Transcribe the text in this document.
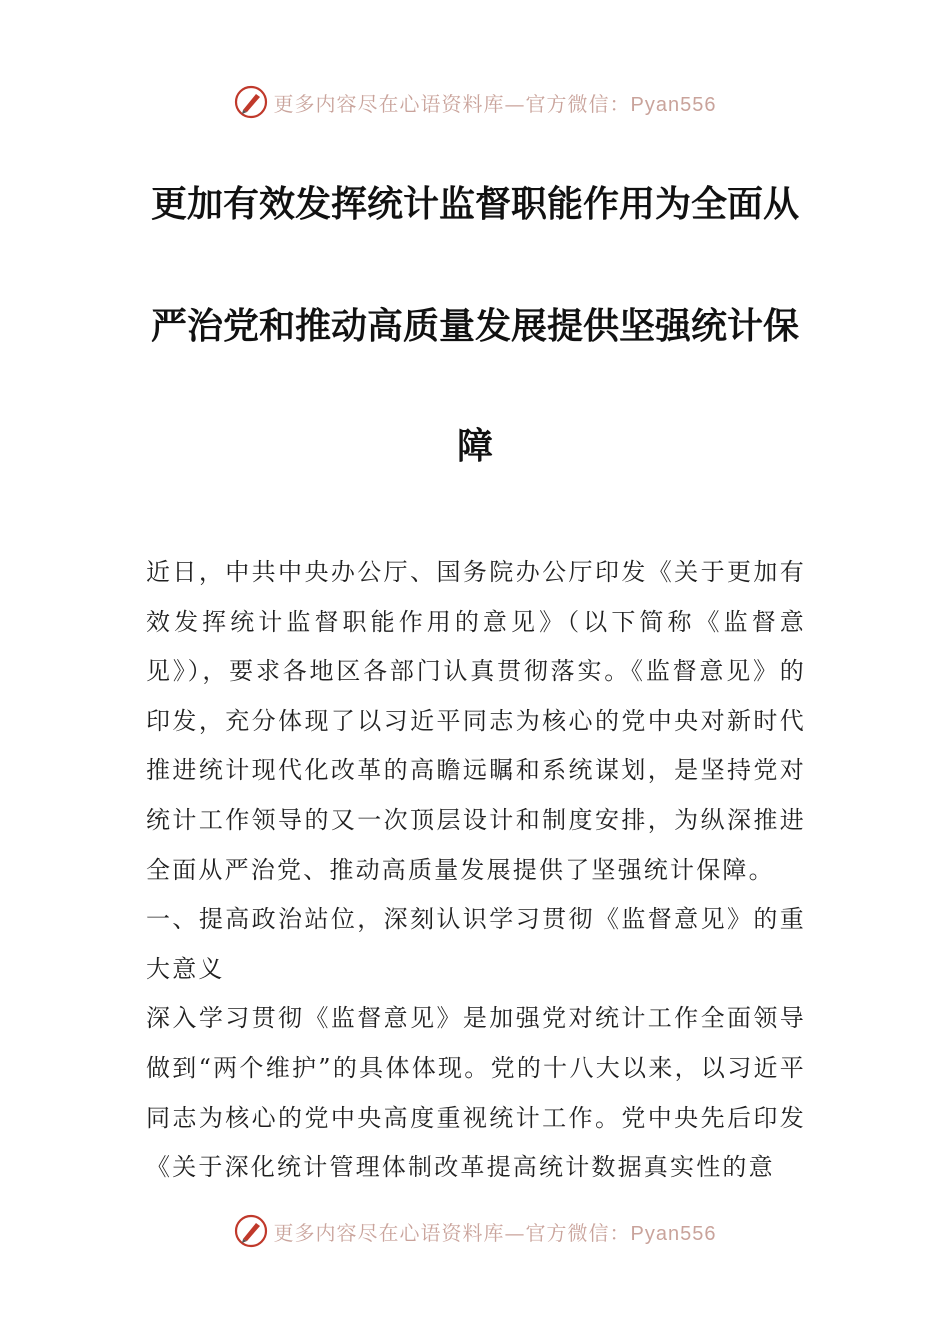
更多内容尽在心语资料库—官方微信：Pyan556
更加有效发挥统计监督职能作用为全面从
严治党和推动高质量发展提供坚强统计保
障

近日，中共中央办公厅、国务院办公厅印发《关于更加有效发挥统计监督职能作用的意见》（以下简称《监督意见》），要求各地区各部门认真贯彻落实。《监督意见》的印发，充分体现了以习近平同志为核心的党中央对新时代推进统计现代化改革的高瞻远瞩和系统谋划，是坚持党对统计工作领导的又一次顶层设计和制度安排，为纵深推进全面从严治党、推动高质量发展提供了坚强统计保障。

一、提高政治站位，深刻认识学习贯彻《监督意见》的重大意义

深入学习贯彻《监督意见》是加强党对统计工作全面领导做到“两个维护”的具体体现。党的十八大以来，以习近平同志为核心的党中央高度重视统计工作。党中央先后印发《关于深化统计管理体制改革提高统计数据真实性的意

更多内容尽在心语资料库—官方微信：Pyan556
